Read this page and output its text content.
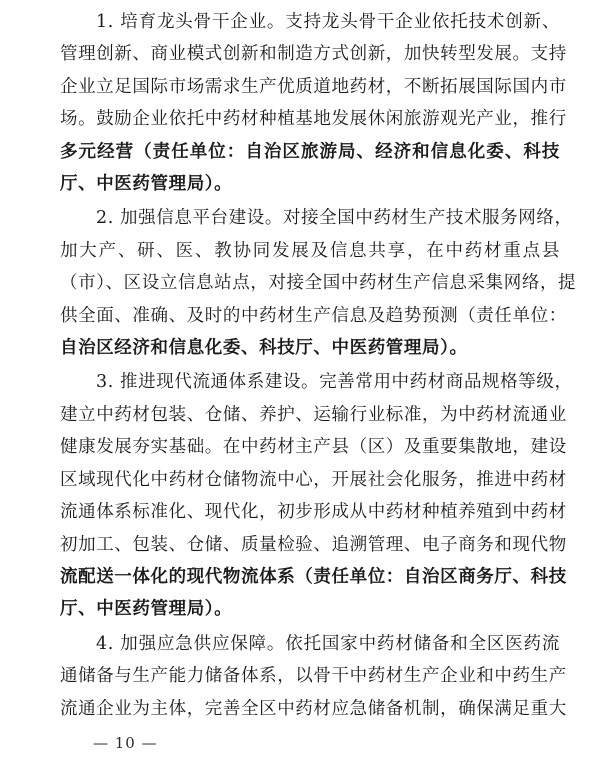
1. 培育龙头骨干企业。支持龙头骨干企业依托技术创新、
管理创新、商业模式创新和制造方式创新，加快转型发展。支持
企业立足国际市场需求生产优质道地药材，不断拓展国际国内市
场。鼓励企业依托中药材种植基地发展休闲旅游观光产业，推行
多元经营（责任单位：自治区旅游局、经济和信息化委、科技
厅、中医药管理局）。
2. 加强信息平台建设。对接全国中药材生产技术服务网络，
加大产、研、医、教协同发展及信息共享，在中药材重点县
（市）、区设立信息站点，对接全国中药材生产信息采集网络，提
供全面、准确、及时的中药材生产信息及趋势预测（责任单位：
自治区经济和信息化委、科技厅、中医药管理局）。
3. 推进现代流通体系建设。完善常用中药材商品规格等级，
建立中药材包装、仓储、养护、运输行业标准，为中药材流通业
健康发展夯实基础。在中药材主产县（区）及重要集散地，建设
区域现代化中药材仓储物流中心，开展社会化服务，推进中药材
流通体系标准化、现代化，初步形成从中药材种植养殖到中药材
初加工、包装、仓储、质量检验、追溯管理、电子商务和现代物
流配送一体化的现代物流体系（责任单位：自治区商务厅、科技
厅、中医药管理局）。
4. 加强应急供应保障。依托国家中药材储备和全区医药流
通储备与生产能力储备体系，以骨干中药材生产企业和中药生产
流通企业为主体，完善全区中药材应急储备机制，确保满足重大
— 10 —
